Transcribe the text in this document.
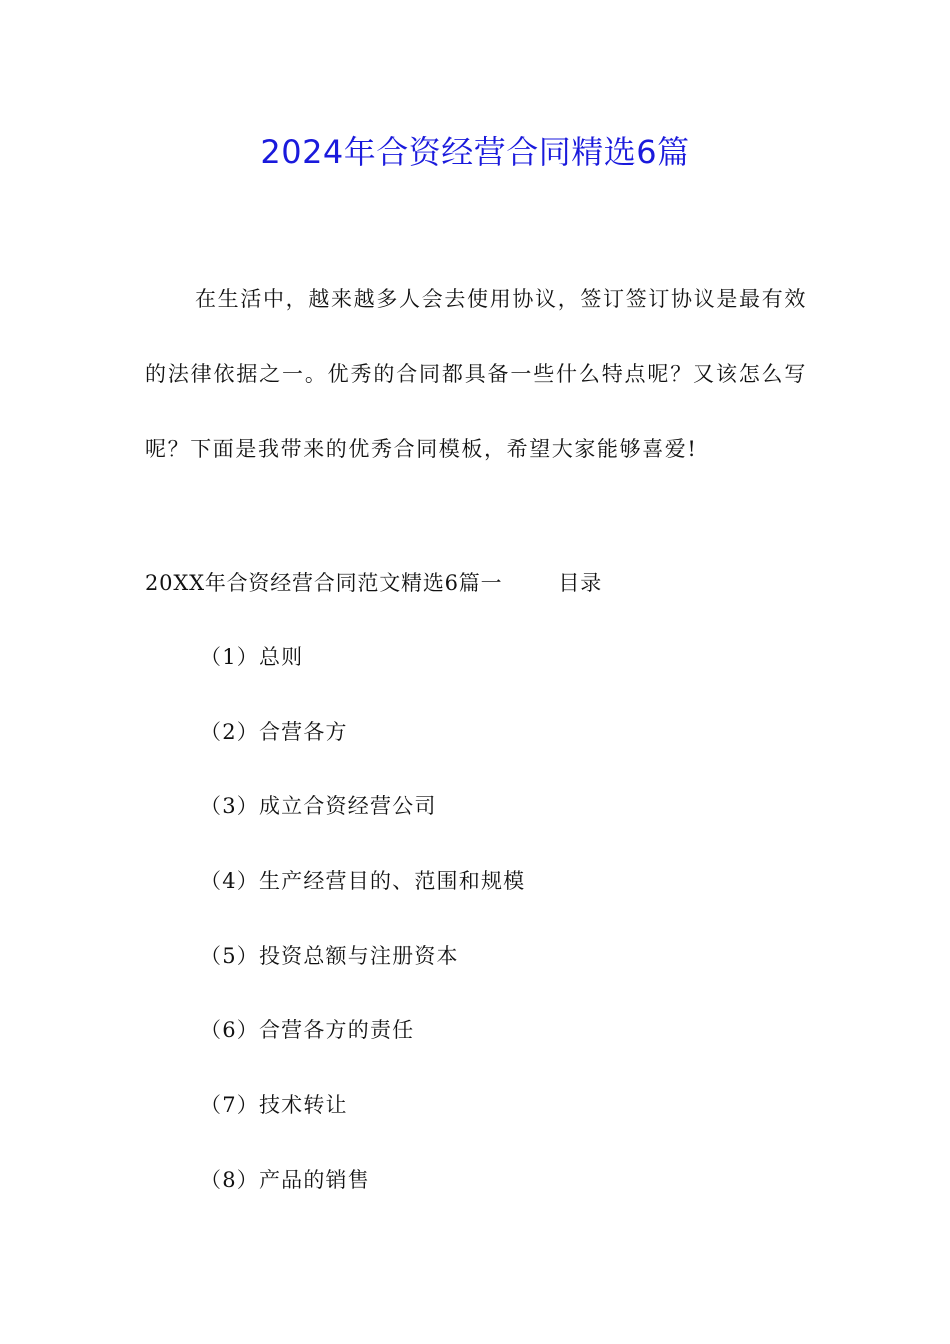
2024年合资经营合同精选6篇

在生活中，越来越多人会去使用协议，签订签订协议是最有效的法律依据之一。优秀的合同都具备一些什么特点呢？又该怎么写呢？下面是我带来的优秀合同模板，希望大家能够喜爱!

20XX年合资经营合同范文精选6篇一	目录

（1）总则
（2）合营各方
（3）成立合资经营公司
（4）生产经营目的、范围和规模
（5）投资总额与注册资本
（6）合营各方的责任
（7）技术转让
（8）产品的销售
